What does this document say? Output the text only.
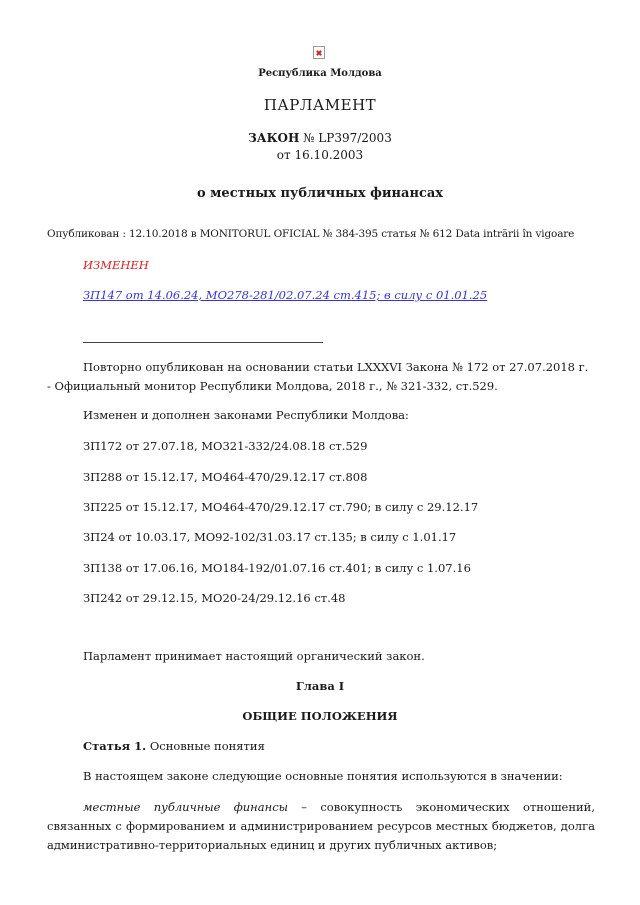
Республика Молдова
ПАРЛАМЕНТ
ЗАКОН № LP397/2003
от 16.10.2003
о местных публичных финансах
Опубликован : 12.10.2018 в MONITORUL OFICIAL № 384-395 статья № 612 Data intrării în vigoare
ИЗМЕНЕН
ЗП147 от 14.06.24, МО278-281/02.07.24 ст.415; в силу с 01.01.25
Повторно опубликован на основании статьи LXXXVI Закона № 172 от 27.07.2018 г.
- Официальный монитор Республики Молдова, 2018 г., № 321-332, ст.529.
Изменен и дополнен законами Республики Молдова:
ЗП172 от 27.07.18, МО321-332/24.08.18 ст.529
ЗП288 от 15.12.17, МО464-470/29.12.17 ст.808
ЗП225 от 15.12.17, МО464-470/29.12.17 ст.790; в силу с 29.12.17
ЗП24 от 10.03.17, МО92-102/31.03.17 ст.135; в силу с 1.01.17
ЗП138 от 17.06.16, МО184-192/01.07.16 ст.401; в силу с 1.07.16
ЗП242 от 29.12.15, МО20-24/29.12.16 ст.48
Парламент принимает настоящий органический закон.
Глава I
ОБЩИЕ ПОЛОЖЕНИЯ
Статья 1. Основные понятия
В настоящем законе следующие основные понятия используются в значении:
местные публичные финансы – совокупность экономических отношений, связанных с формированием и администрированием ресурсов местных бюджетов, долга административно-территориальных единиц и других публичных активов;
